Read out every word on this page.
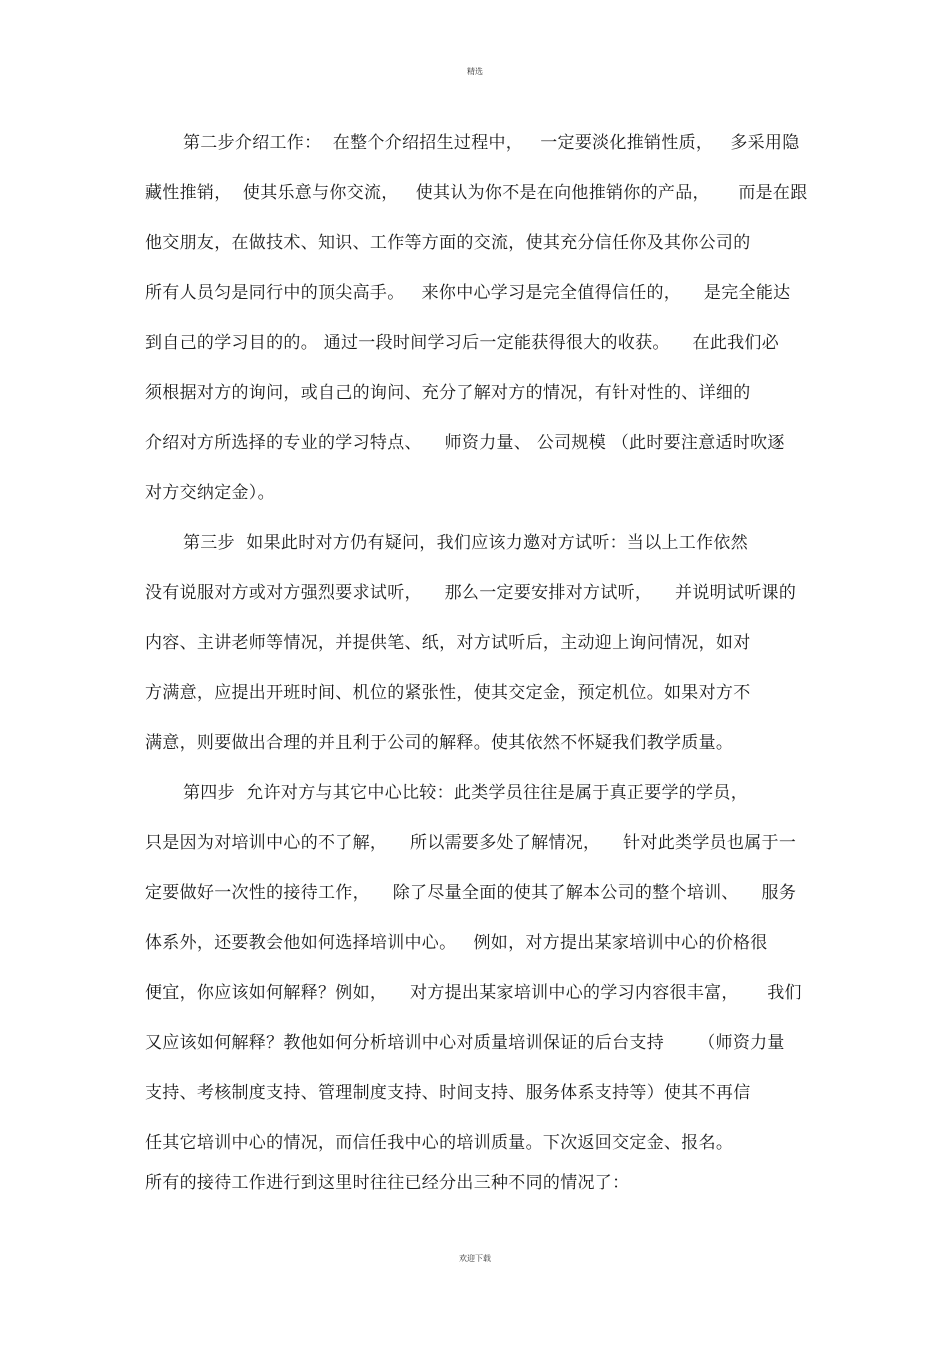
精选
第二步介绍工作：  在整个介绍招生过程中，   一定要淡化推销性质，   多采用隐
藏性推销，  使其乐意与你交流，   使其认为你不是在向他推销你的产品，     而是在跟
他交朋友，在做技术、知识、工作等方面的交流，使其充分信任你及其你公司的
所有人员匀是同行中的顶尖高手。   来你中心学习是完全值得信任的，    是完全能达
到自己的学习目的的。 通过一段时间学习后一定能获得很大的收获。    在此我们必
须根据对方的询问，或自己的询问、充分了解对方的情况，有针对性的、详细的
介绍对方所选择的专业的学习特点、    师资力量、 公司规模 （此时要注意适时吹逐
对方交纳定金）。
第三步  如果此时对方仍有疑问，我们应该力邀对方试听：当以上工作依然
没有说服对方或对方强烈要求试听，    那么一定要安排对方试听，    并说明试听课的
内容、主讲老师等情况，并提供笔、纸，对方试听后，主动迎上询问情况，如对
方满意，应提出开班时间、机位的紧张性，使其交定金，预定机位。如果对方不
满意，则要做出合理的并且利于公司的解释。使其依然不怀疑我们教学质量。
第四步  允许对方与其它中心比较：此类学员往往是属于真正要学的学员，
只是因为对培训中心的不了解，    所以需要多处了解情况，    针对此类学员也属于一
定要做好一次性的接待工作，    除了尽量全面的使其了解本公司的整个培训、    服务
体系外，还要教会他如何选择培训中心。   例如，对方提出某家培训中心的价格很
便宜，你应该如何解释？例如，    对方提出某家培训中心的学习内容很丰富，     我们
又应该如何解释？教他如何分析培训中心对质量培训保证的后台支持      （师资力量
支持、考核制度支持、管理制度支持、时间支持、服务体系支持等）使其不再信
任其它培训中心的情况，而信任我中心的培训质量。下次返回交定金、报名。
所有的接待工作进行到这里时往往已经分出三种不同的情况了：
欢迎下载
